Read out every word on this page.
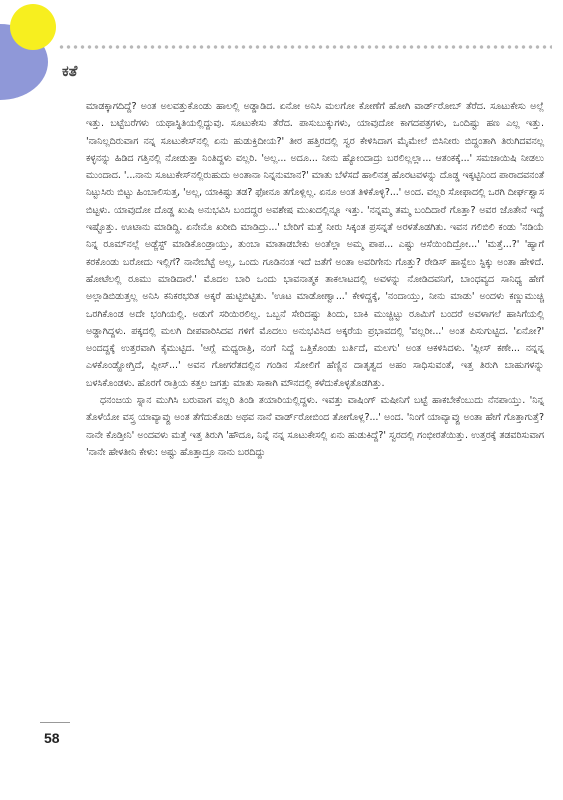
ಕತೆ

ಮಾಡಕ್ಕಾಗದಿದ್ದೆ? ಅಂತ ಅಲವತ್ತುಕೊಂಡು ಹಾಲಲ್ಲಿ ಅಡ್ಡಾಡಿದ. ಏನೋ ಅನಿಸಿ ಮಲಗೋ ಕೋಣೆಗೆ ಹೋಗಿ ವಾರ್ಡ್‌ರೋಬ್ ತೆರೆದ. ಸೂಟುಕೇಸು ಅಲ್ಲೆ ಇತ್ತು. ಬಟ್ಟೆಬರೆಗಳು ಯಥಾಸ್ಥಿತಿಯಲ್ಲಿದ್ದುವು. ಸೂಟುಕೇಸು ತೆರೆದ. ಪಾಸುಬುಕ್ಕುಗಳು, ಯಾವುದೋ ಕಾಗದಪತ್ರಗಳು, ಒಂದಿಷ್ಟು ಹಣ ಎಲ್ಲ ಇತ್ತು. 'ನಾನಿಲ್ಲದಿರುವಾಗ ನನ್ನ ಸೂಟುಕೇಸ್‌ನಲ್ಲಿ ಏನು ಹುಡುಕ್ತಿದೀಯ?' ತೀರ ಹತ್ತಿರದಲ್ಲಿ ಸ್ವರ ಕೇಳಿಸಿದಾಗ ಮೈಮೇಲೆ ಬಿಸಿನೀರು ಬಿದ್ದಂತಾಗಿ ತಿರುಗಿದವನಲ್ಲ ಕಳ್ಳನನ್ನು ಹಿಡಿದ ಗತ್ತಿನಲ್ಲಿ ನೋಡುತ್ತಾ ನಿಂತಿದ್ದಳು ವಲ್ಲರಿ. 'ಅಲ್ಲ... ಅದೂ... ನೀನು ಹ್ಯೋಂದಾದ್ರು ಬರಲಿಲ್ಲಲ್ಲಾ... ಆತಂಕಕ್ಕೆ...' ಸಮಜಾಯಿಷಿ ನೀಡಲು ಮುಂದಾದ. '...ನಾನು ಸೂಟುಕೇಸ್‌ನಲ್ಲಿರುಹುದು ಅಂತಾನಾ ನಿನ್ನನುಮಾನ?' ಮಾತು ಬೆಳೆಸದೆ ಹಾಲಿನತ್ತ ಹೊರಟವಳನ್ನು ದೊಡ್ಡ ಇಕ್ಕಟ್ಟಿನಿಂದ ಪಾರಾದವನಂತೆ ನಿಟ್ಟುಸಿರು ಬಿಟ್ಟು ಹಿಂಬಾಲಿಸುತ್ತ, 'ಅಲ್ಲ, ಯಾಕಿಷ್ಟು ತಡ? ಫೋನೂ ತಗೊಳ್ಲಿಲ್ಲ. ಏನೂ ಅಂತ ತಿಳಿಕೊಳ್ಳಿ?...' ಅಂದ. ವಲ್ಲರಿ ಸೋಫಾದಲ್ಲಿ ಒರಗಿ ದೀರ್ಘಶ್ವಾಸ ಬಿಟ್ಟಳು. ಯಾವುದೋ ದೊಡ್ಡ ಖುಷಿ ಅನುಭವಿಸಿ ಬಂದದ್ದರ ಅವಶೇಷ ಮುಖದಲ್ಲಿನ್ನೂ ಇತ್ತು. 'ನನ್ನಮ್ಮ ತಮ್ಮ ಬಂದಿದಾರೆ ಗೊತ್ತಾ? ಅವರ ಜೊತೇನೆ ಇದ್ದೆ ಇಷ್ಟೊತ್ತು. ಊಟಾನು ಮಾಡಿದ್ದಿ. ಏನೇನೊ ಖರೀದಿ ಮಾಡಿದ್ರು...' ಬೇರಿಗೆ ಮತ್ತೆ ನೀರು ಸಿಕ್ಕಂತ ಪ್ರಸನ್ನತೆ ಅರಳತೊಡಗಿತು. ಇವನ ಗಲಿಬಿಲಿ ಕಂಡು 'ನಡಿಯೆ ನಿನ್ನ ರೂಮ್‌ನಲ್ಲೆ ಅಡ್ಜೆಸ್ಟ್ ಮಾಡಿಕೊಂಡ್ರಾಯ್ತು, ತುಂಬಾ ಮಾತಾಡಬೇಕು ಅಂತೆಲ್ಲಾ ಅಮ್ಮ ಪಾಪ... ಎಷ್ಟು ಆಸೆಯಿಂದಿದ್ರೋ...' 'ಮತ್ತೆ...?' 'ಹ್ಯಾಗೆ ಕರಕೊಂಡು ಬರೋದು ಇಲ್ಲಿಗೆ? ನಾನೇಬೆಟ್ಟೆ ಅಲ್ಲ, ಒಂದು ಗೂಡಿನಂತ ಇದೆ ಜತೆಗೆ ಅಂತಾ ಅವರಿಗೇನು ಗೊತ್ತು? ರೇಡಿಸ್ ಹಾಸ್ಟೆಲು ಸ್ಟಿಕ್ಕು ಅಂತಾ ಹೇಳಿದೆ. ಹೋಟೆಲಲ್ಲಿ ರೂಮು ಮಾಡಿದಾರೆ.' ಮೊದಲ ಬಾರಿ ಒಂದು ಭಾವನಾತ್ಮಕ ತಾಕಲಾಟದಲ್ಲಿ ಅವಳನ್ನು ನೋಡಿದವನಿಗೆ, ಬಾಂಧವ್ಯದ ಸಾನಿಧ್ಯ ಹೇಗೆ ಅಲ್ಲಾಡಿಬಿಡುತ್ತಲ್ಲ ಅನಿಸಿ ಕನಿಕರಭರಿತ ಅಕ್ಕರೆ ಹುಟ್ಟಿಬಿಟ್ಟಿತು. 'ಊಟ ಮಾಡೋಣ್ವಾ...' ಕೇಳಿದ್ದಕ್ಕೆ, 'ನಂದಾಯ್ತು, ನೀನು ಮಾಡು' ಅಂದಳು ಕಣ್ಣುಮುಚ್ಚಿ ಒರಗಿಕೊಂಡ ಅದೇ ಭಂಗಿಯಲ್ಲಿ. ಅಡುಗೆ ಸರಿಯಿರಲಿಲ್ಲ. ಒಬ್ಬನೆ ಸೇರಿದಷ್ಟು ತಿಂದು, ಬಾಕಿ ಮುಚ್ಚಿಟ್ಟು ರೂಮಿಗೆ ಬಂದರೆ ಅವಳಾಗಲೆ ಹಾಸಿಗೆಯಲ್ಲಿ ಅಡ್ಡಾಗಿದ್ದಳು. ಪಕ್ಕದಲ್ಲಿ ಮಲಗಿ ದೀಪವಾರಿಸಿದವ ಗಳಿಗೆ ಮೊದಲು ಅನುಭವಿಸಿದ ಅಕ್ಕರೆಯ ಪ್ರಭಾವದಲ್ಲಿ 'ವಲ್ಲರೀ...' ಅಂತ ಪಿಸುಗುಟ್ಟಿದ. 'ಏನೋ?' ಅಂದದ್ದಕ್ಕೆ ಉತ್ತರವಾಗಿ ಕೈಮುಟ್ಟಿದ. 'ಆಗ್ಲೆ ಮಧ್ಯರಾತ್ರಿ, ನಂಗೆ ನಿದ್ದೆ ಒತ್ತಿಕೊಂಡು ಬರ್ತಿದೆ, ಮಲಗು' ಅಂತ ಆಕಳಿಸಿದಳು. 'ಪ್ಲೀಸ್ ಕಣೇ... ನನ್ನನ್ನ ಎಳಕೊಂಡ್ಹೋಗ್ತಿದೆ, ಪ್ಲೀಸ್...' ಅವನ ಗೋಗರೆತದಲ್ಲಿನ ಗಂಡಿನ ಸೋಲಿಗೆ ಹೆಣ್ಣಿನ ದಾತೃತ್ವದ ಅಹಂ ಸಾಧಿಸುವಂತೆ, ಇತ್ತ ತಿರುಗಿ ಬಾಹುಗಳನ್ನು ಬಳಸಿಕೊಂಡಳು. ಹೊರಗೆ ರಾತ್ರಿಯ ಕತ್ತಲ ಜಗತ್ತು ಮಾತು ಸಾಕಾಗಿ ಮೌನದಲ್ಲಿ ಕಳೆದುಕೊಳ್ಳತೊಡಗಿತ್ತು.

ಧನಂಜಯ ಸ್ನಾನ ಮುಗಿಸಿ ಬರುವಾಗ ವಲ್ಲರಿ ತಿಂಡಿ ತಯಾರಿಯಲ್ಲಿದ್ದಳು. ಇವತ್ತು ವಾಷಿಂಗ್ ಮಷೀನಿಗೆ ಬಟ್ಟೆ ಹಾಕಬೇಕೆಂಬುದು ನೆನಪಾಯ್ತು. 'ನಿನ್ನ ತೊಳೆಯೋ ವಸ್ತ್ರ ಯಾವ್ಯಾವ್ದು ಅಂತ ತೆಗೆದುಕೊಡು ಅಥವ ನಾನೆ ವಾರ್ಡ್‌ರೋಬಿಂದ ತೋಗೊಳ್ಲ?...' ಅಂದ. 'ನಿಂಗೆ ಯಾವ್ಯಾವ್ದು ಅಂತಾ ಹೇಗೆ ಗೊತ್ತಾಗುತ್ತೆ? ನಾನೇ ಕೊಡ್ತೀನಿ' ಅಂದವಳು ಮತ್ತೆ ಇತ್ತ ತಿರುಗಿ 'ಹೌದೂ, ನಿನ್ನೆ ನನ್ನ ಸೂಟುಕೇಸಲ್ಲಿ ಏನು ಹುಡುಕಿದ್ದೆ?' ಸ್ವರದಲ್ಲಿ ಗಂಭೀರತೆಯಿತ್ತು. ಉತ್ತರಕ್ಕೆ ತಡವರಿಸುವಾಗ 'ನಾನೇ ಹೇಳತೀನಿ ಕೇಳು: ಅಷ್ಟು ಹೊತ್ತಾದ್ರೂ ನಾನು ಬರದಿದ್ದು

58
